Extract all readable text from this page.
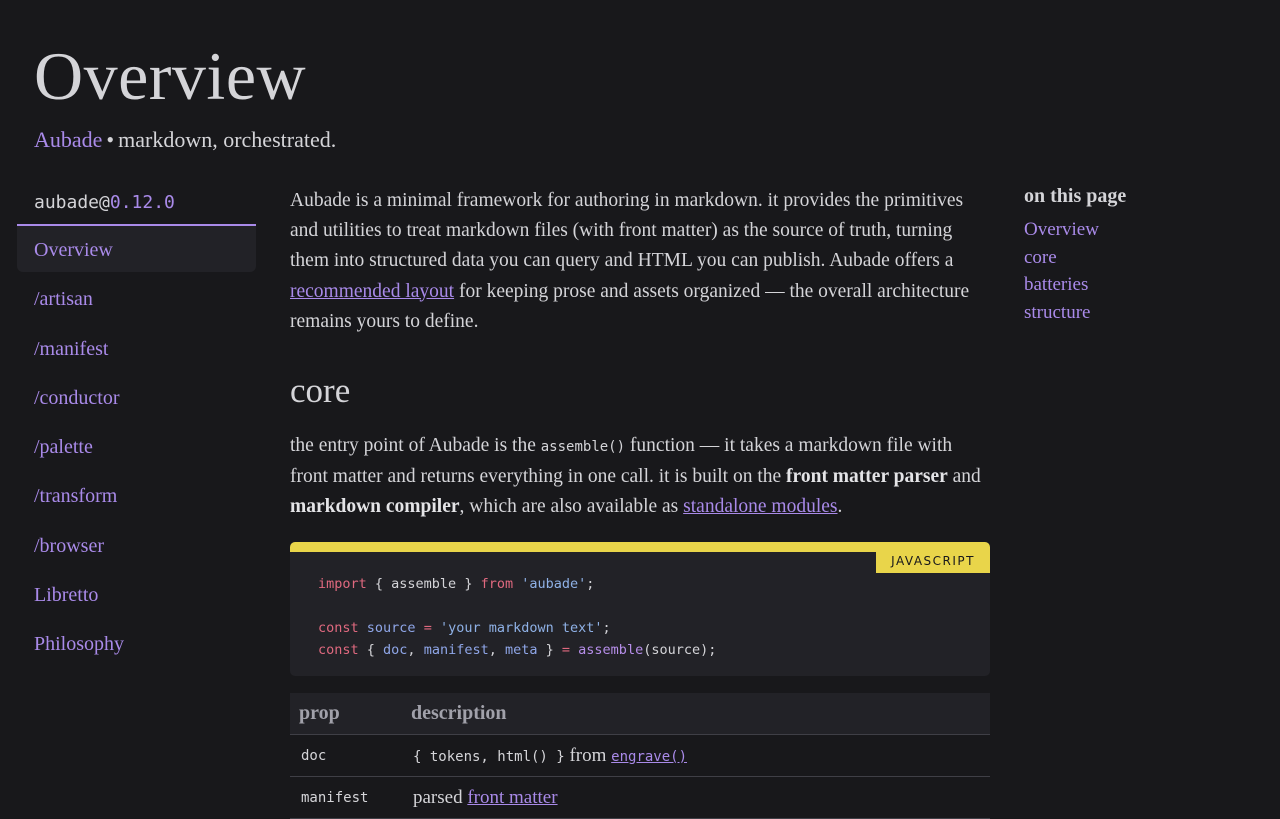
Overview
Aubade • markdown, orchestrated.
aubade@0.12.0
Overview
/artisan
/manifest
/conductor
/palette
/transform
/browser
Libretto
Philosophy

Aubade is a minimal framework for authoring in markdown. it provides the primitives and utilities to treat markdown files (with front matter) as the source of truth, turning them into structured data you can query and HTML you can publish. Aubade offers a recommended layout for keeping prose and assets organized — the overall architecture remains yours to define.

core

the entry point of Aubade is the assemble() function — it takes a markdown file with front matter and returns everything in one call. it is built on the front matter parser and markdown compiler, which are also available as standalone modules.

JAVASCRIPT
import { assemble } from 'aubade';
const source = 'your markdown text';
const { doc, manifest, meta } = assemble(source);
prop	description
doc	{ tokens, html() } from engrave()
manifest	parsed front matter
on this page
Overview
core
batteries
structure
